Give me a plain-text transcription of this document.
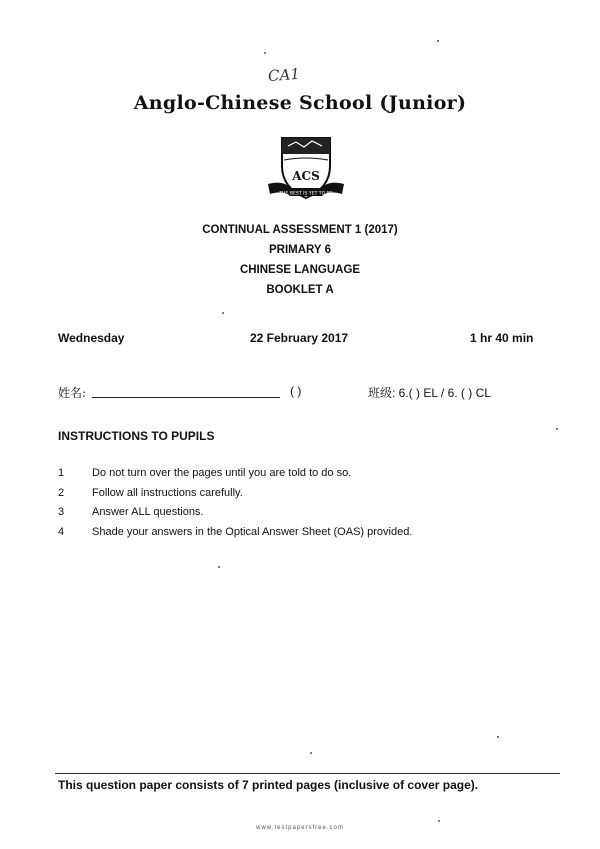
CA1
Anglo-Chinese School (Junior)
ACS
THE BEST IS YET TO BE
CONTINUAL ASSESSMENT 1 (2017)
PRIMARY 6
CHINESE LANGUAGE
BOOKLET A
Wednesday	22 February 2017	1 hr 40 min
姓名:	( )	班级: 6.( ) EL / 6. ( ) CL
INSTRUCTIONS TO PUPILS
1	Do not turn over the pages until you are told to do so.
2	Follow all instructions carefully.
3	Answer ALL questions.
4	Shade your answers in the Optical Answer Sheet (OAS) provided.
This question paper consists of 7 printed pages (inclusive of cover page).
www.testpapersfree.com
